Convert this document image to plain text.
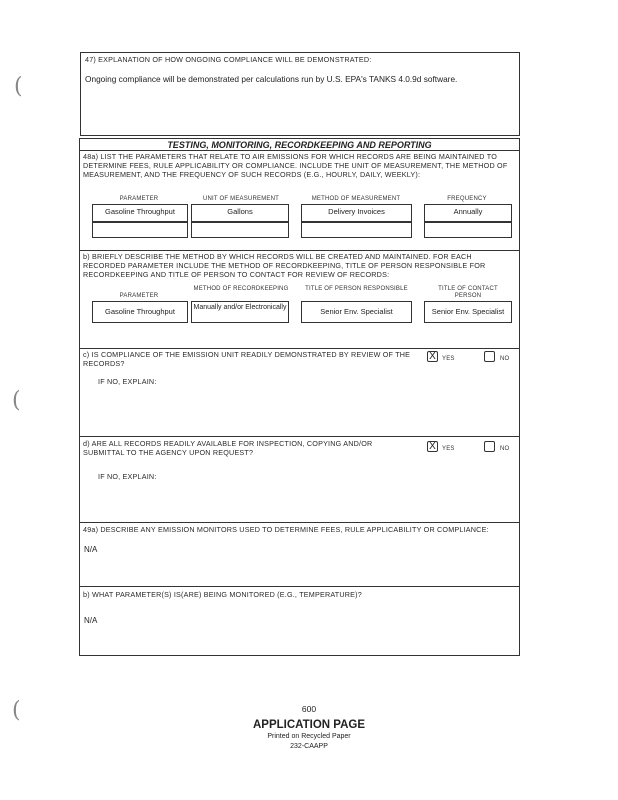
(
(
(
47) EXPLANATION OF HOW ONGOING COMPLIANCE WILL BE DEMONSTRATED:
Ongoing compliance will be demonstrated per calculations run by U.S. EPA's TANKS 4.0.9d software.
TESTING, MONITORING, RECORDKEEPING AND REPORTING
48a) LIST THE PARAMETERS THAT RELATE TO AIR EMISSIONS FOR WHICH RECORDS ARE BEING MAINTAINED TO DETERMINE FEES, RULE APPLICABILITY OR COMPLIANCE. INCLUDE THE UNIT OF MEASUREMENT, THE METHOD OF MEASUREMENT, AND THE FREQUENCY OF SUCH RECORDS (E.G., HOURLY, DAILY, WEEKLY):
PARAMETER	UNIT OF MEASUREMENT	METHOD OF MEASUREMENT	FREQUENCY
Gasoline Throughput	Gallons	Delivery Invoices	Annually
b) BRIEFLY DESCRIBE THE METHOD BY WHICH RECORDS WILL BE CREATED AND MAINTAINED. FOR EACH RECORDED PARAMETER INCLUDE THE METHOD OF RECORDKEEPING, TITLE OF PERSON RESPONSIBLE FOR RECORDKEEPING AND TITLE OF PERSON TO CONTACT FOR REVIEW OF RECORDS:
PARAMETER
METHOD OF RECORDKEEPING	TITLE OF PERSON RESPONSIBLE	TITLE OF CONTACT PERSON
Gasoline Throughput	Manually and/or Electronically	Senior Env. Specialist	Senior Env. Specialist
c) IS COMPLIANCE OF THE EMISSION UNIT READILY DEMONSTRATED BY REVIEW OF THE RECORDS?
X	YES	NO
IF NO, EXPLAIN:
d) ARE ALL RECORDS READILY AVAILABLE FOR INSPECTION, COPYING AND/OR SUBMITTAL TO THE AGENCY UPON REQUEST?
X	YES	NO
IF NO, EXPLAIN:
49a) DESCRIBE ANY EMISSION MONITORS USED TO DETERMINE FEES, RULE APPLICABILITY OR COMPLIANCE:
N/A
b) WHAT PARAMETER(S) IS(ARE) BEING MONITORED (E.G., TEMPERATURE)?
N/A
600
APPLICATION PAGE
Printed on Recycled Paper
232-CAAPP
